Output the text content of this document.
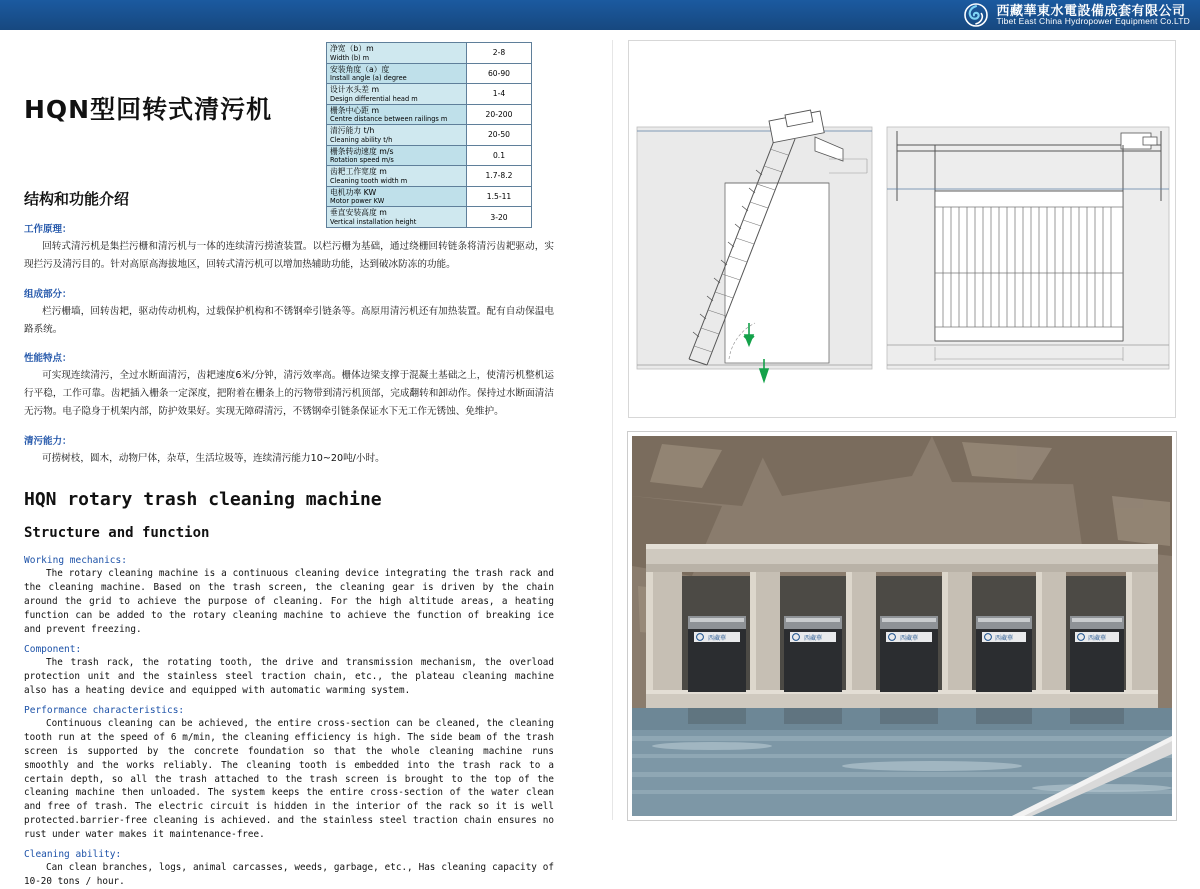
西藏華東水電設備成套有限公司
Tibet East China Hydropower Equipment Co.LTD
HQN型回转式清污机
结构和功能介绍
工作原理：
回转式清污机是集拦污栅和清污机与一体的连续清污捞渣装置。以栏污栅为基础，通过绕栅回转链条将清污齿耙驱动，实现拦污及清污目的。针对高原高海拔地区，回转式清污机可以增加热辅助功能，达到破冰防冻的功能。
组成部分：
栏污栅墙，回转齿耙，驱动传动机构，过载保护机构和不锈钢牵引链条等。高原用清污机还有加热装置。配有自动保温电路系统。
性能特点：
可实现连续清污，全过水断面清污，齿耙速度6米/分钟，清污效率高。栅体边梁支撑于混凝土基础之上，使清污机整机运行平稳，工作可靠。齿耙插入栅条一定深度，把附着在栅条上的污物带到清污机顶部，完成翻转和卸动作。保持过水断面清洁无污物。电子隐身于机架内部，防护效果好。实现无障碍清污，不锈钢牵引链条保证水下无工作无锈蚀、免维护。
清污能力：
可捞树枝，圆木，动物尸体，杂草，生活垃圾等，连续清污能力10~20吨/小时。
HQN rotary trash cleaning machine
Structure and function
Working mechanics:
The rotary cleaning machine is a continuous cleaning device integrating the trash rack and the cleaning machine. Based on the trash screen, the cleaning gear is driven by the chain around the grid to achieve the purpose of cleaning. For the high altitude areas, a heating function can be added to the rotary cleaning machine to achieve the function of breaking ice and prevent freezing.
Component:
The trash rack, the rotating tooth, the drive and transmission mechanism, the overload protection unit and the stainless steel traction chain, etc., the plateau cleaning machine also has a heating device and equipped with automatic warming system.
Performance characteristics:
Continuous cleaning can be achieved, the entire cross-section can be cleaned, the cleaning tooth run at the speed of 6 m/min, the cleaning efficiency is high. The side beam of the trash screen is supported by the concrete foundation so that the whole cleaning machine runs smoothly and the works reliably. The cleaning tooth is embedded into the trash rack to a certain depth, so all the trash attached to the trash screen is brought to the top of the cleaning machine then unloaded. The system keeps the entire cross-section of the water clean and free of trash. The electric circuit is hidden in the interior of the rack so it is well protected.barrier-free cleaning is achieved. and the stainless steel traction chain ensures no rust under water makes it maintenance-free.
Cleaning ability:
Can clean branches, logs, animal carcasses, weeds, garbage, etc., Has cleaning capacity of 10-20 tons / hour.
净宽（b）m
Width (b) m	2-8

安装角度（a）度
Install angle (a) degree	60-90

设计水头差 m
Design differential head m	1-4

栅条中心距 m
Centre distance between railings m	20-200

清污能力 t/h
Cleaning ability t/h	20-50

栅条转动速度 m/s
Rotation speed m/s	0.1

齿耙工作宽度 m
Cleaning tooth width m	1.7-8.2

电机功率 KW
Motor power KW	1.5-11

垂直安装高度 m
Vertical installation height	3-20
西藏華	西藏華	西藏華	西藏華	西藏華
